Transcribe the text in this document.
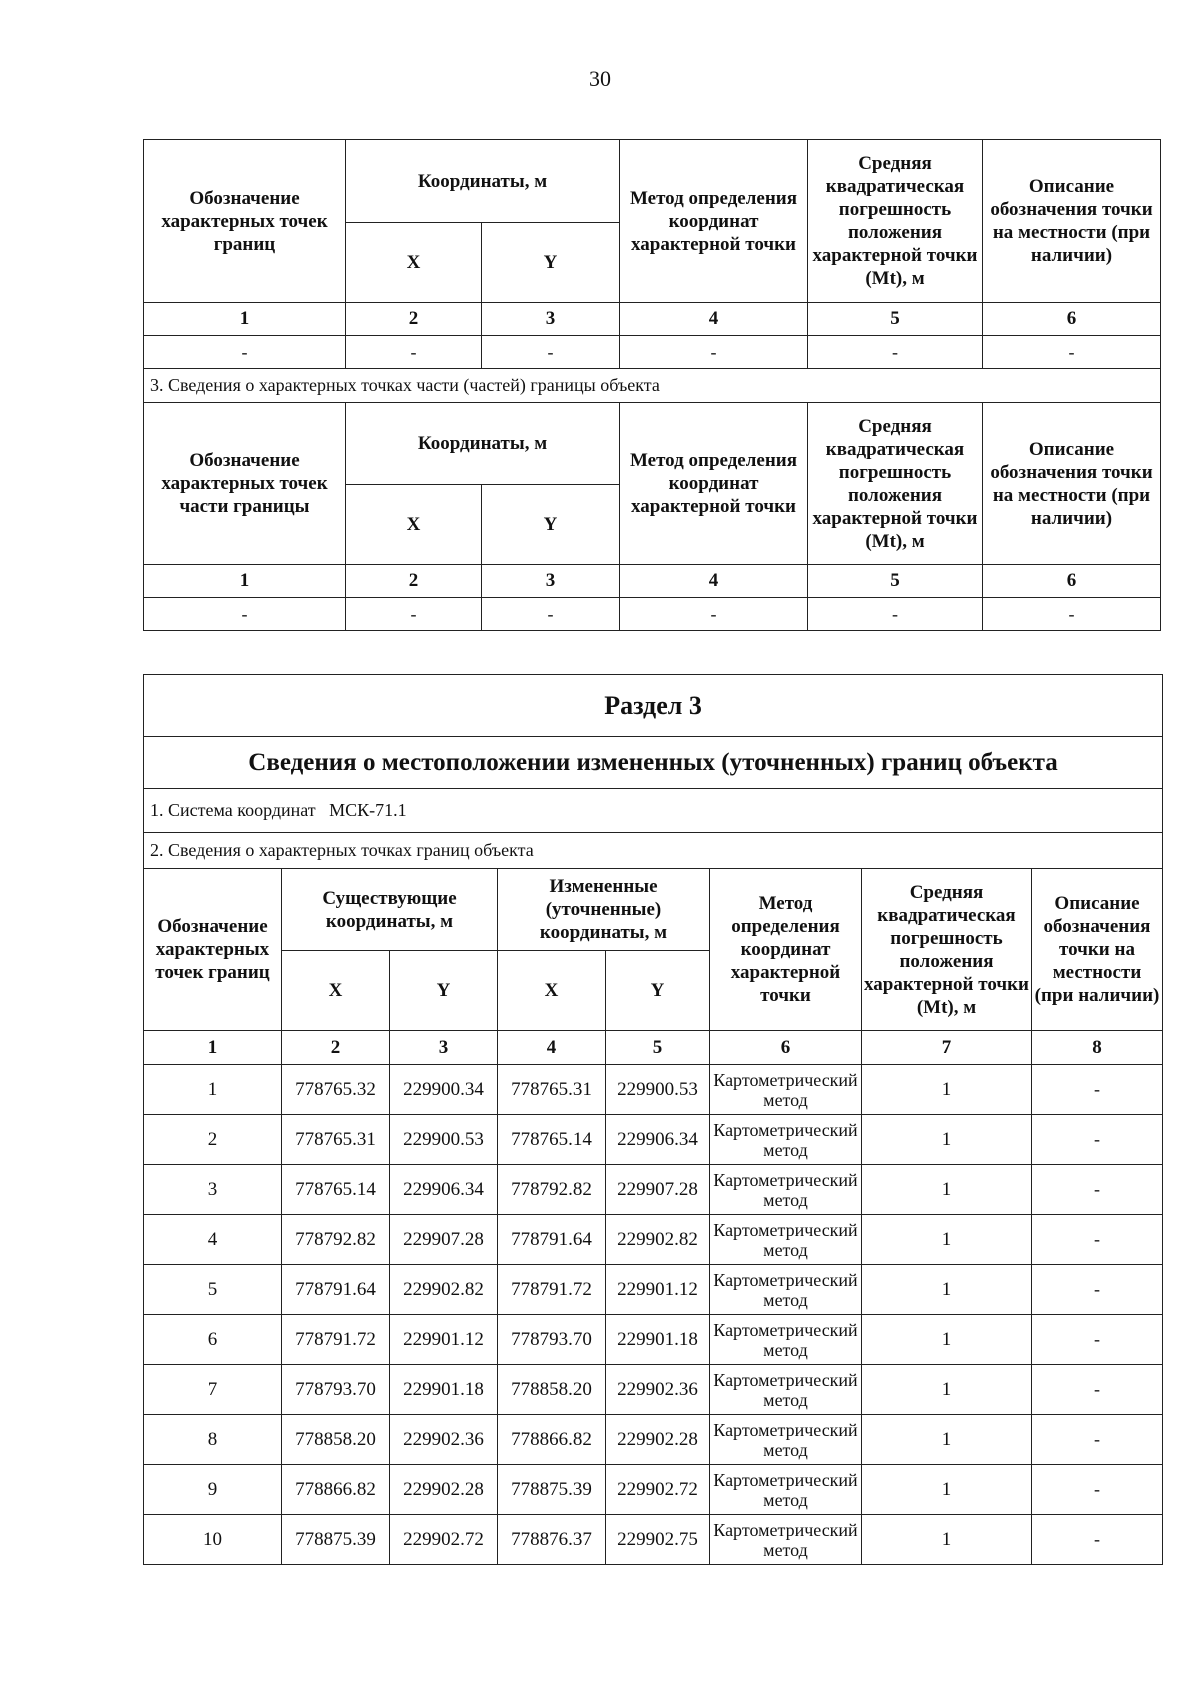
30
Обозначение характерных точек границ	Координаты, м		Метод определения координат характерной точки	Средняя квадратическая погрешность положения характерной точки (Mt), м	Описание обозначения точки на местности (при наличии)
	X	Y			
1	2	3	4	5	6
-	-	-	-	-	-
3. Сведения о характерных точках части (частей) границы объекта					
Обозначение характерных точек части границы	Координаты, м		Метод определения координат характерной точки	Средняя квадратическая погрешность положения характерной точки (Mt), м	Описание обозначения точки на местности (при наличии)
	X	Y			
1	2	3	4	5	6
-	-	-	-	-	-
Раздел 3							
Сведения о местоположении измененных (уточненных) границ объекта							
1. Система координат МСК-71.1							
2. Сведения о характерных точках границ объекта							
Обозначение характерных точек границ	Существующие координаты, м		Измененные (уточненные) координаты, м		Метод определения координат характерной точки	Средняя квадратическая погрешность положения характерной точки (Mt), м	Описание обозначения точки на местности (при наличии)
	X	Y	X	Y			
1	2	3	4	5	6	7	8
1	778765.32	229900.34	778765.31	229900.53	Картометрический метод	1	-
2	778765.31	229900.53	778765.14	229906.34	Картометрический метод	1	-
3	778765.14	229906.34	778792.82	229907.28	Картометрический метод	1	-
4	778792.82	229907.28	778791.64	229902.82	Картометрический метод	1	-
5	778791.64	229902.82	778791.72	229901.12	Картометрический метод	1	-
6	778791.72	229901.12	778793.70	229901.18	Картометрический метод	1	-
7	778793.70	229901.18	778858.20	229902.36	Картометрический метод	1	-
8	778858.20	229902.36	778866.82	229902.28	Картометрический метод	1	-
9	778866.82	229902.28	778875.39	229902.72	Картометрический метод	1	-
10	778875.39	229902.72	778876.37	229902.75	Картометрический метод	1	-
